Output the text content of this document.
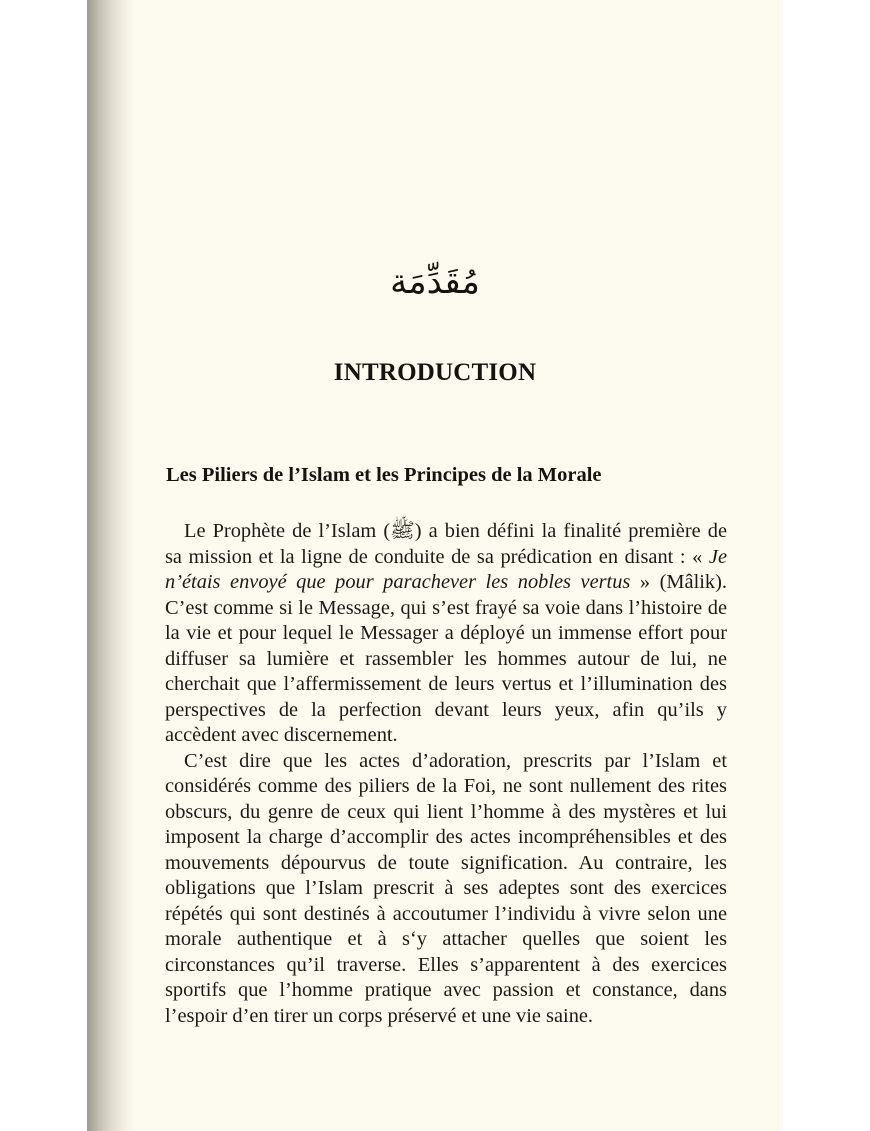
مُقَدِّمَة
INTRODUCTION
Les Piliers de l’Islam et les Principes de la Morale

Le Prophète de l’Islam (ﷺ) a bien défini la finalité première de sa mission et la ligne de conduite de sa prédication en disant : « Je n’étais envoyé que pour parachever les nobles vertus » (Mâlik). C’est comme si le Message, qui s’est frayé sa voie dans l’histoire de la vie et pour lequel le Messager a déployé un immense effort pour diffuser sa lumière et rassembler les hommes autour de lui, ne cherchait que l’affermissement de leurs vertus et l’illumination des perspectives de la perfection devant leurs yeux, afin qu’ils y accèdent avec discernement.

C’est dire que les actes d’adoration, prescrits par l’Islam et considérés comme des piliers de la Foi, ne sont nullement des rites obscurs, du genre de ceux qui lient l’homme à des mystères et lui imposent la charge d’accomplir des actes incompréhensibles et des mouvements dépourvus de toute signification. Au contraire, les obligations que l’Islam prescrit à ses adeptes sont des exercices répétés qui sont destinés à accoutumer l’individu à vivre selon une morale authentique et à s‘y attacher quelles que soient les circonstances qu’il traverse. Elles s’apparentent à des exercices sportifs que l’homme pratique avec passion et constance, dans l’espoir d’en tirer un corps préservé et une vie saine.
